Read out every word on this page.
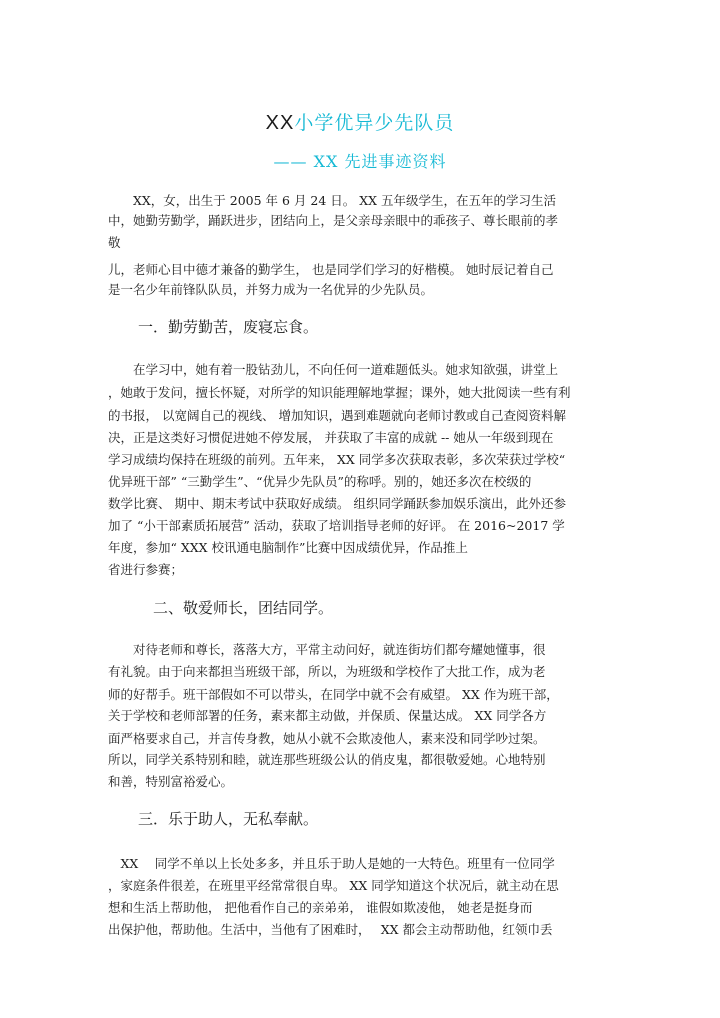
XX小学优异少先队员
—— XX 先进事迹资料
　　XX，女，出生于 2005 年 6 月 24 日。 XX 五年级学生，在五年的学习生活
中，她勤劳勤学，踊跃进步，团结向上，是父亲母亲眼中的乖孩子、尊长眼前的孝
敬
儿，老师心目中德才兼备的勤学生， 也是同学们学习的好楷模。 她时辰记着自己
是一名少年前锋队队员，并努力成为一名优异的少先队员。
一．勤劳勤苦，废寝忘食。
　　在学习中，她有着一股钻劲儿，不向任何一道难题低头。她求知欲强，讲堂上
，她敢于发问，擅长怀疑，对所学的知识能理解地掌握；课外，她大批阅读一些有利
的书报， 以宽阔自己的视线、 增加知识，遇到难题就向老师讨教或自己查阅资料解
决，正是这类好习惯促进她不停发展， 并获取了丰富的成就 -- 她从一年级到现在
学习成绩均保持在班级的前列。五年来， XX 同学多次获取表彰，多次荣获过学校“
优异班干部” “三勤学生”、“优异少先队员”的称呼。别的，她还多次在校级的
数学比赛、 期中、期末考试中获取好成绩。 组织同学踊跃参加娱乐演出，此外还参
加了 “小干部素质拓展营” 活动，获取了培训指导老师的好评。 在 2016~2017 学
年度，参加“ XXX 校讯通电脑制作”比赛中因成绩优异，作品推上
省进行参赛；
二、敬爱师长，团结同学。
　　对待老师和尊长，落落大方，平常主动问好，就连街坊们都夸耀她懂事，很
有礼貌。由于向来都担当班级干部，所以，为班级和学校作了大批工作，成为老
师的好帮手。班干部假如不可以带头，在同学中就不会有威望。 XX 作为班干部，
关于学校和老师部署的任务，素来都主动做，并保质、保量达成。 XX 同学各方
面严格要求自己，并言传身教，她从小就不会欺凌他人，素来没和同学吵过架。
所以，同学关系特别和睦，就连那些班级公认的俏皮鬼，都很敬爱她。心地特别
和善，特别富裕爱心。
三．乐于助人，无私奉献。
　XX　 同学不单以上长处多多，并且乐于助人是她的一大特色。班里有一位同学
，家庭条件很差，在班里平经常常很自卑。 XX 同学知道这个状况后，就主动在思
想和生活上帮助他， 把他看作自己的亲弟弟， 谁假如欺凌他， 她老是挺身而
出保护他，帮助他。生活中，当他有了困难时，　 XX 都会主动帮助他，红领巾丢
